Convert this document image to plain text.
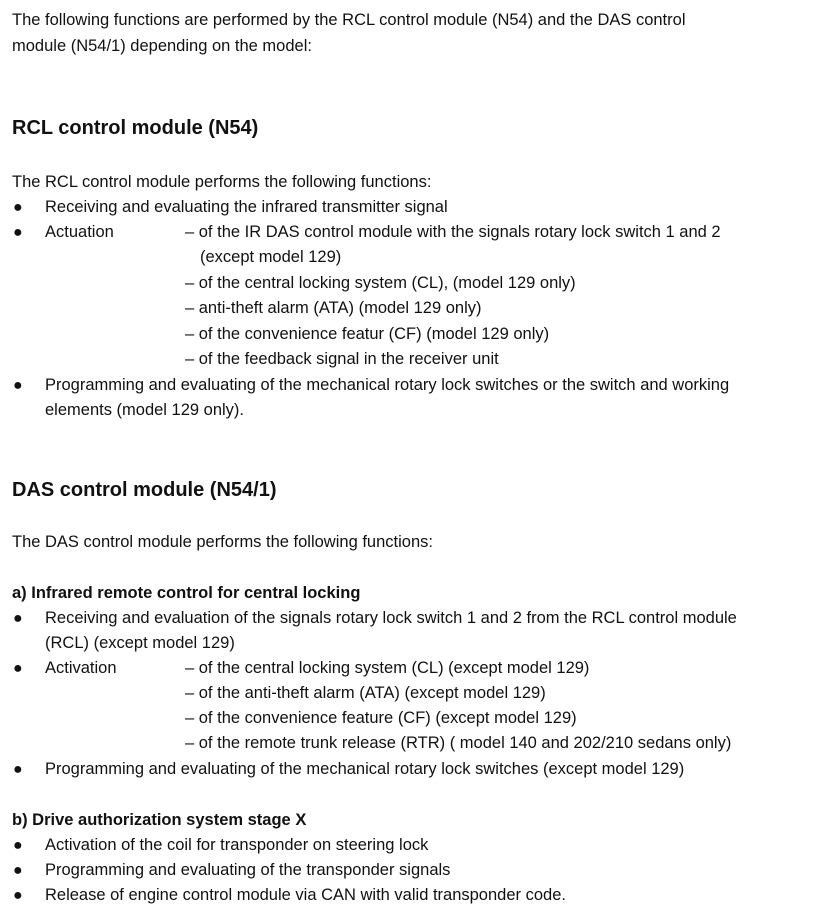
The following functions are performed by the RCL control module (N54) and the DAS control
module (N54/1) depending on the model:
RCL control module (N54)
The RCL control module performs the following functions:
● Receiving and evaluating the infrared transmitter signal
● Actuation	– of the IR DAS control module with the signals rotary lock switch 1 and 2
(except model 129)
– of the central locking system (CL), (model 129 only)
– anti-theft alarm (ATA) (model 129 only)
– of the convenience featur (CF) (model 129 only)
– of the feedback signal in the receiver unit
● Programming and evaluating of the mechanical rotary lock switches or the switch and working
elements (model 129 only).
DAS control module (N54/1)
The DAS control module performs the following functions:
a) Infrared remote control for central locking
● Receiving and evaluation of the signals rotary lock switch 1 and 2 from the RCL control module
(RCL) (except model 129)
● Activation	– of the central locking system (CL) (except model 129)
– of the anti-theft alarm (ATA) (except model 129)
– of the convenience feature (CF) (except model 129)
– of the remote trunk release (RTR) ( model 140 and 202/210 sedans only)
● Programming and evaluating of the mechanical rotary lock switches (except model 129)
b) Drive authorization system stage X
● Activation of the coil for transponder on steering lock
● Programming and evaluating of the transponder signals
● Release of engine control module via CAN with valid transponder code.
